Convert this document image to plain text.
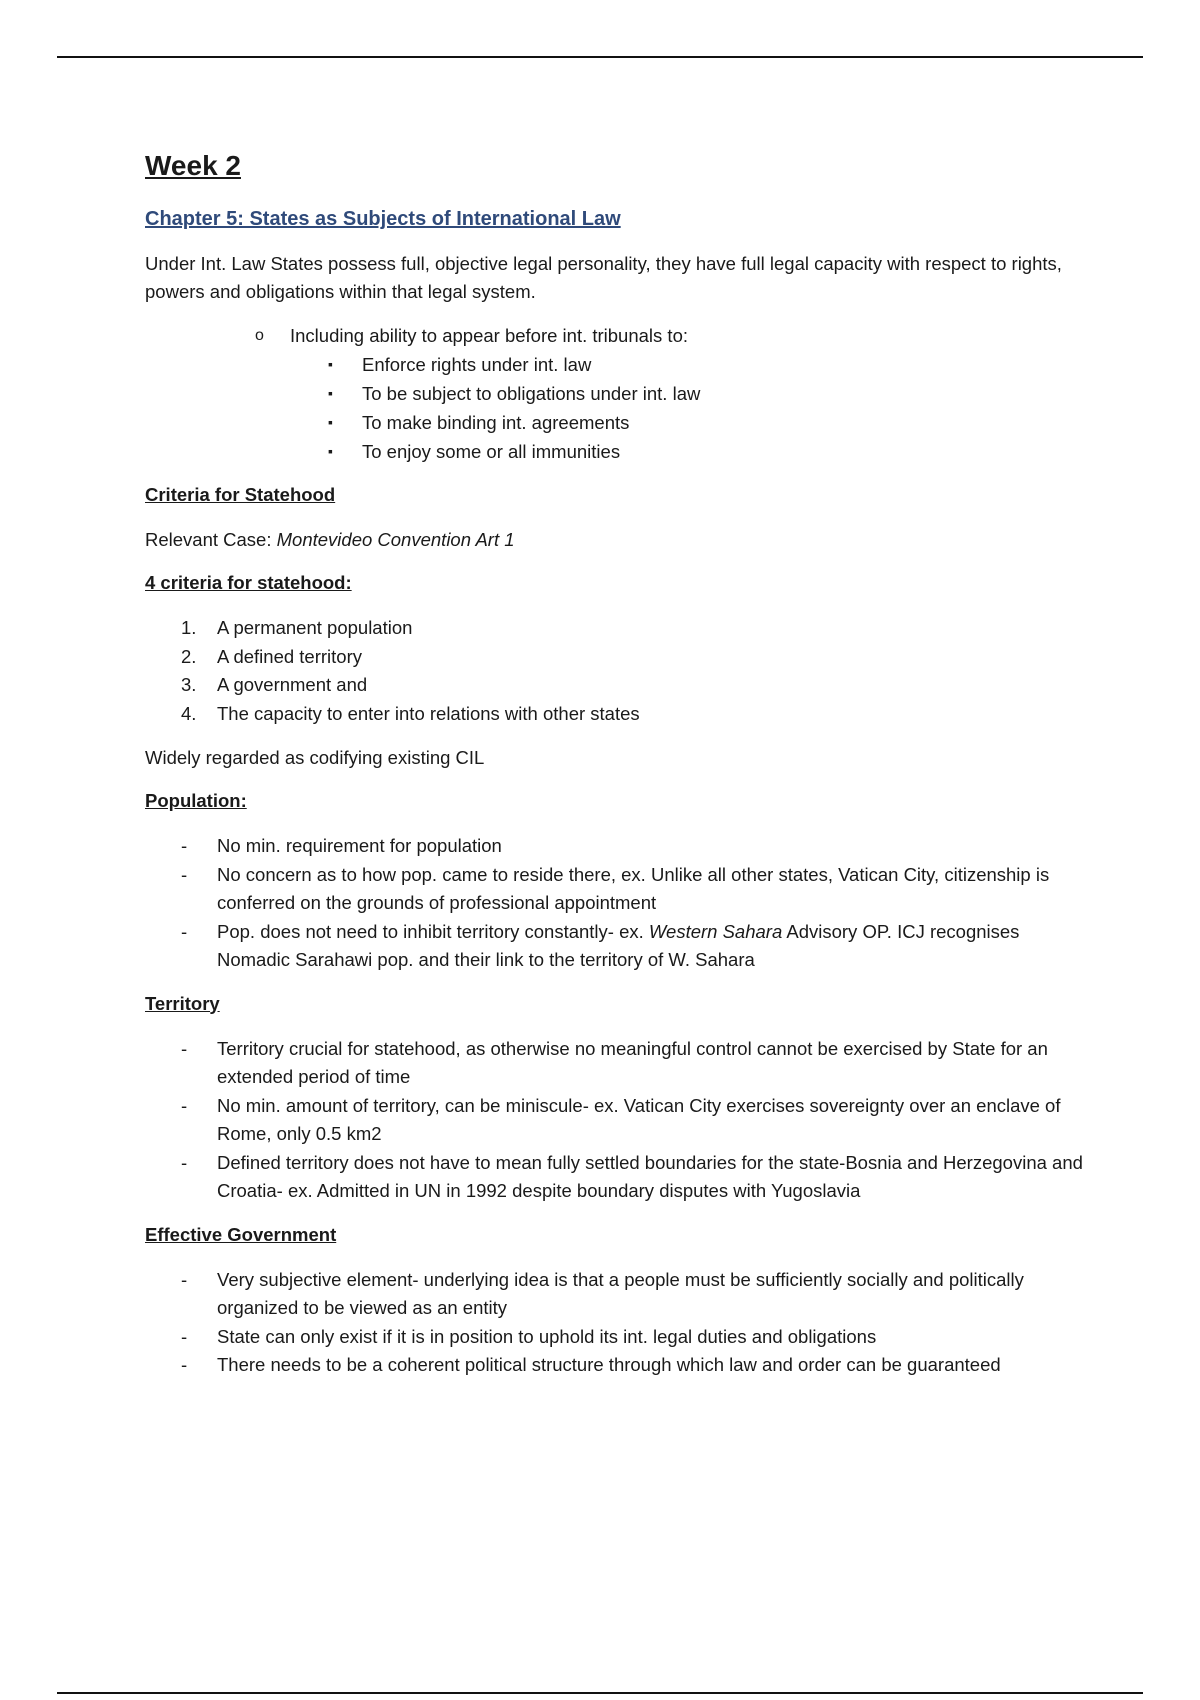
Week 2
Chapter 5: States as Subjects of International Law

Under Int. Law States possess full, objective legal personality, they have full legal capacity with respect to rights, powers and obligations within that legal system.

o Including ability to appear before int. tribunals to:
▪ Enforce rights under int. law
▪ To be subject to obligations under int. law
▪ To make binding int. agreements
▪ To enjoy some or all immunities
Criteria for Statehood

Relevant Case: Montevideo Convention Art 1

4 criteria for statehood:
1. A permanent population
2. A defined territory
3. A government and
4. The capacity to enter into relations with other states

Widely regarded as codifying existing CIL

Population:
- No min. requirement for population
- No concern as to how pop. came to reside there, ex. Unlike all other states, Vatican City, citizenship is conferred on the grounds of professional appointment
- Pop. does not need to inhibit territory constantly- ex. Western Sahara Advisory OP. ICJ recognises Nomadic Sarahawi pop. and their link to the territory of W. Sahara
Territory
- Territory crucial for statehood, as otherwise no meaningful control cannot be exercised by State for an extended period of time
- No min. amount of territory, can be miniscule- ex. Vatican City exercises sovereignty over an enclave of Rome, only 0.5 km2
- Defined territory does not have to mean fully settled boundaries for the state-Bosnia and Herzegovina and Croatia- ex. Admitted in UN in 1992 despite boundary disputes with Yugoslavia
Effective Government
- Very subjective element- underlying idea is that a people must be sufficiently socially and politically organized to be viewed as an entity
- State can only exist if it is in position to uphold its int. legal duties and obligations
- There needs to be a coherent political structure through which law and order can be guaranteed
